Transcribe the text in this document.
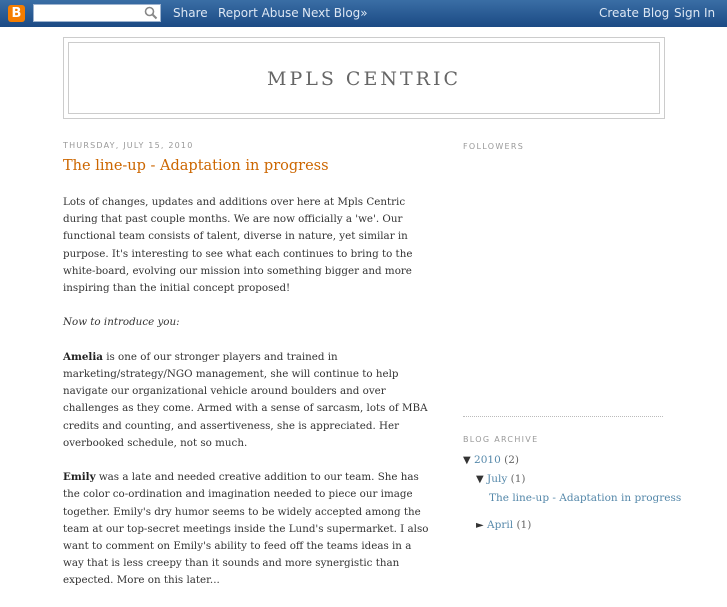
B	Share Report Abuse Next Blog»	Create Blog Sign In
MPLS CENTRIC
THURSDAY, JULY 15, 2010
The line-up - Adaptation in progress

Lots of changes, updates and additions over here at Mpls Centric during that past couple months. We are now officially a 'we'. Our functional team consists of talent, diverse in nature, yet similar in purpose. It's interesting to see what each continues to bring to the white-board, evolving our mission into something bigger and more inspiring than the initial concept proposed!

Now to introduce you:

Amelia is one of our stronger players and trained in marketing/strategy/NGO management, she will continue to help navigate our organizational vehicle around boulders and over challenges as they come. Armed with a sense of sarcasm, lots of MBA credits and counting, and assertiveness, she is appreciated. Her overbooked schedule, not so much.

Emily was a late and needed creative addition to our team. She has the color co-ordination and imagination needed to piece our image together. Emily's dry humor seems to be widely accepted among the team at our top-secret meetings inside the Lund's supermarket. I also want to comment on Emily's ability to feed off the teams ideas in a way that is less creepy than it sounds and more synergistic than expected. More on this later...

FOLLOWERS
BLOG ARCHIVE
▼ 2010 (2)
▼ July (1)
The line-up - Adaptation in progress
► April (1)
